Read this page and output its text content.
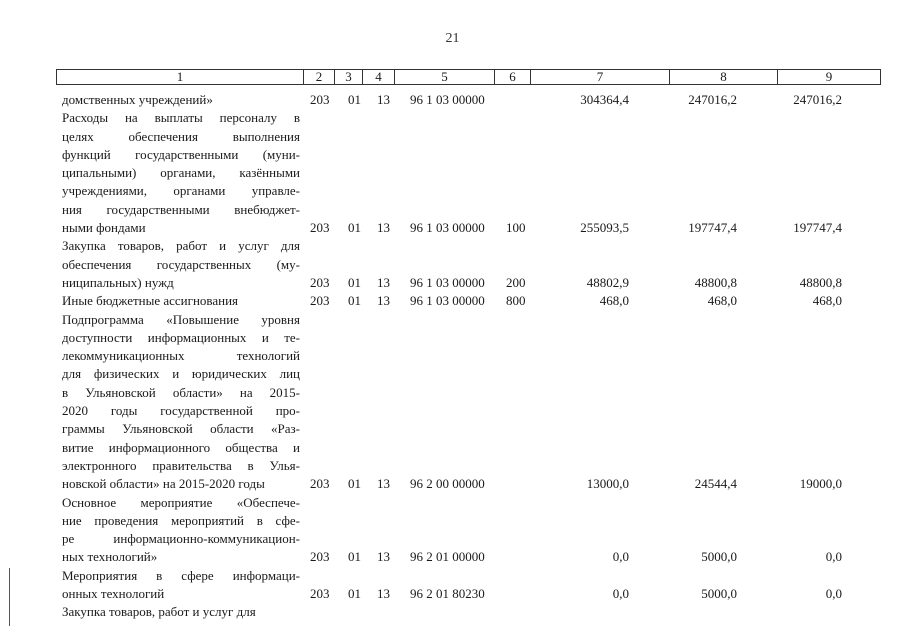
21
1	2	3	4	5	6	7	8	9
домственных учреждений»	203 01 13 96 1 03 00000	304364,4	247016,2	247016,2
Расходы на выплаты персоналу в
целях обеспечения выполнения
функций государственными (муни-
ципальными) органами, казёнными
учреждениями, органами управле-
ния государственными внебюджет-
ными фондами	203 01 13 96 1 03 00000 100	255093,5	197747,4	197747,4
Закупка товаров, работ и услуг для
обеспечения государственных (му-
ниципальных) нужд	203 01 13 96 1 03 00000 200	48802,9	48800,8	48800,8
Иные бюджетные ассигнования	203 01 13 96 1 03 00000 800	468,0	468,0	468,0
Подпрограмма «Повышение уровня
доступности информационных и те-
лекоммуникационных технологий
для физических и юридических лиц
в Ульяновской области» на 2015-
2020 годы государственной про-
граммы Ульяновской области «Раз-
витие информационного общества и
электронного правительства в Улья-
новской области» на 2015-2020 годы	203 01 13 96 2 00 00000	13000,0	24544,4	19000,0
Основное мероприятие «Обеспече-
ние проведения мероприятий в сфе-
ре информационно-коммуникацион-
ных технологий»	203 01 13 96 2 01 00000	0,0	5000,0	0,0
Мероприятия в сфере информаци-
онных технологий	203 01 13 96 2 01 80230	0,0	5000,0	0,0
Закупка товаров, работ и услуг для
